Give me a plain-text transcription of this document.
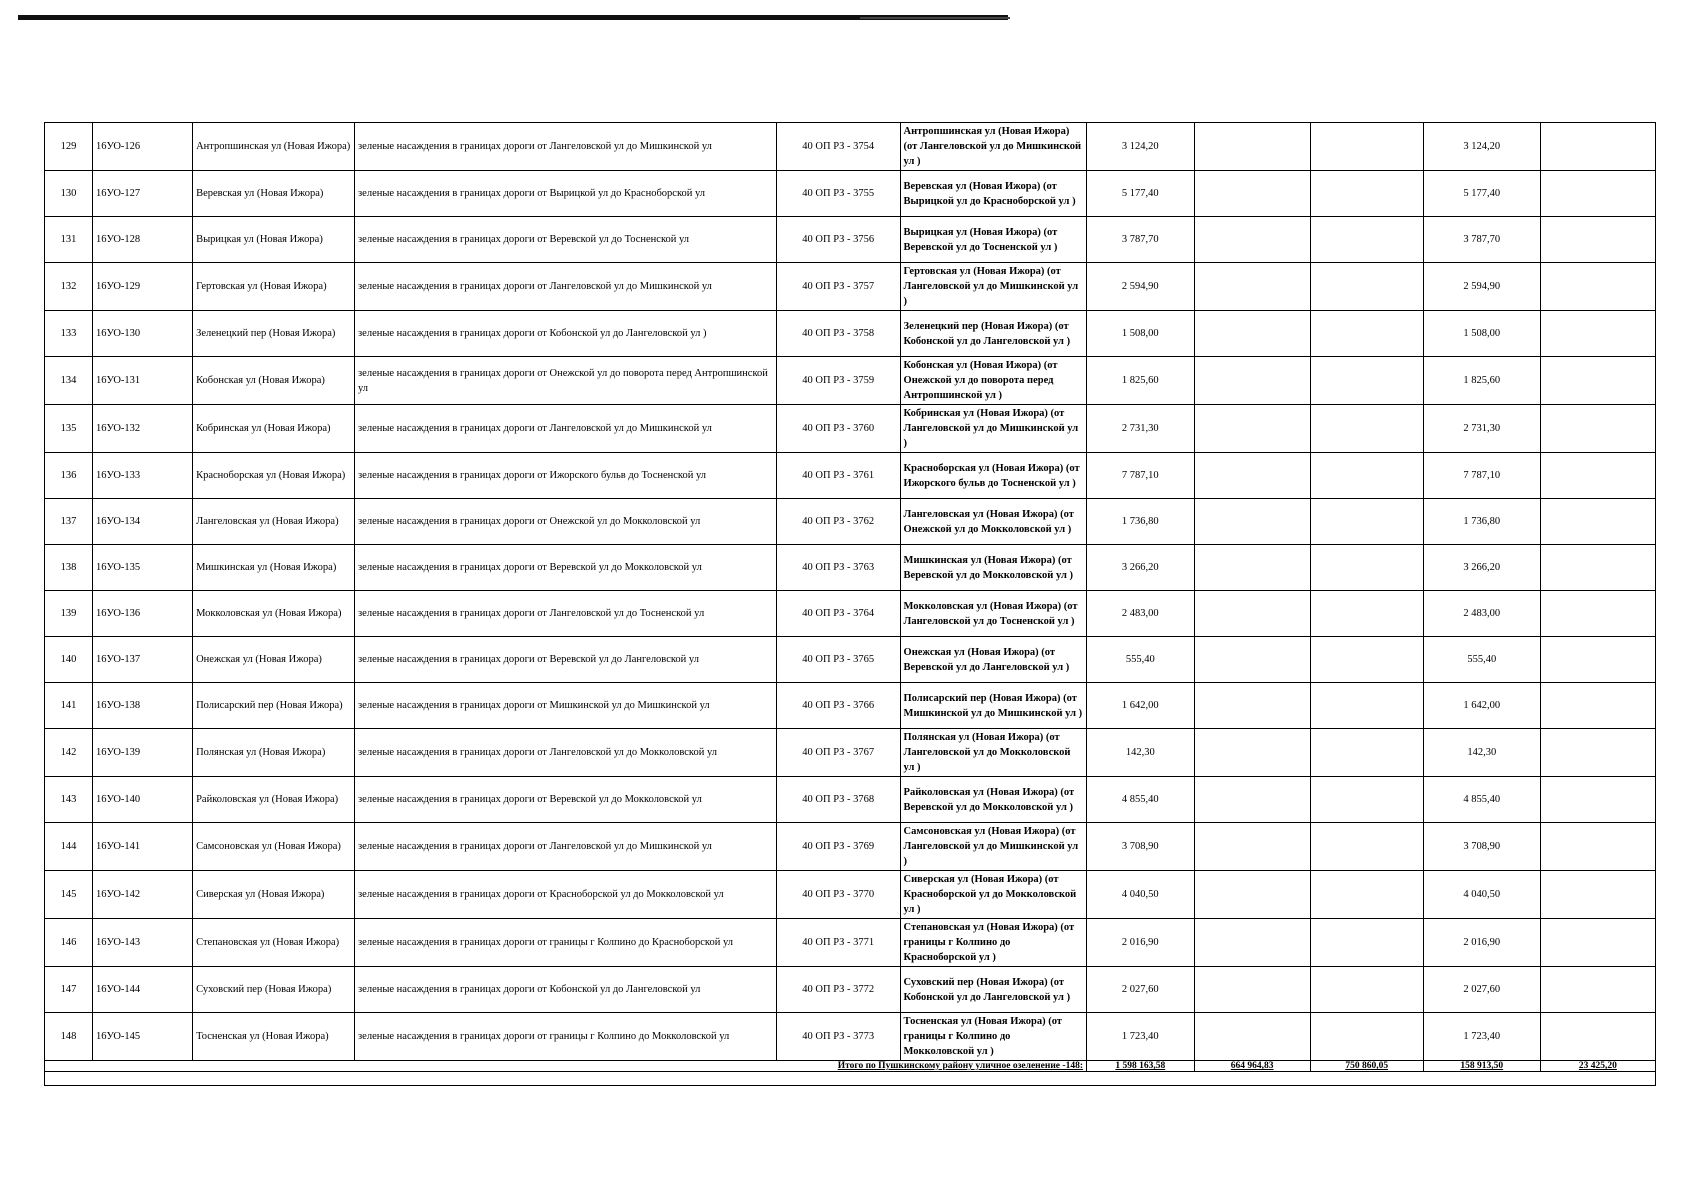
129	16УО-126	Антропшинская ул (Новая Ижора)	зеленые насаждения в границах дороги от Лангеловской ул до Мишкинской ул	40 ОП РЗ - 3754	Антропшинская ул (Новая Ижора) (от Лангеловской ул до Мишкинской ул )	3 124,20			3 124,20	
130	16УО-127	Веревская ул (Новая Ижора)	зеленые насаждения в границах дороги от Вырицкой ул до Красноборской ул	40 ОП РЗ - 3755	Веревская ул (Новая Ижора) (от Вырицкой ул до Красноборской ул )	5 177,40			5 177,40	
131	16УО-128	Вырицкая ул (Новая Ижора)	зеленые насаждения в границах дороги от Веревской ул до Тосненской ул	40 ОП РЗ - 3756	Вырицкая ул (Новая Ижора) (от Веревской ул до Тосненской ул )	3 787,70			3 787,70	
132	16УО-129	Гертовская ул (Новая Ижора)	зеленые насаждения в границах дороги от Лангеловской ул до Мишкинской ул	40 ОП РЗ - 3757	Гертовская ул (Новая Ижора) (от Лангеловской ул до Мишкинской ул )	2 594,90			2 594,90	
133	16УО-130	Зеленецкий пер (Новая Ижора)	зеленые насаждения в границах дороги от Кобонской ул до Лангеловской ул )	40 ОП РЗ - 3758	Зеленецкий пер (Новая Ижора) (от Кобонской ул до Лангеловской ул )	1 508,00			1 508,00	
134	16УО-131	Кобонская ул (Новая Ижора)	зеленые насаждения в границах дороги от Онежской ул до поворота перед Антропшинской ул	40 ОП РЗ - 3759	Кобонская ул (Новая Ижора) (от Онежской ул до поворота перед Антропшинской ул )	1 825,60			1 825,60	
135	16УО-132	Кобринская ул (Новая Ижора)	зеленые насаждения в границах дороги от Лангеловской ул до Мишкинской ул	40 ОП РЗ - 3760	Кобринская ул (Новая Ижора) (от Лангеловской ул до Мишкинской ул )	2 731,30			2 731,30	
136	16УО-133	Красноборская ул (Новая Ижора)	зеленые насаждения в границах дороги от Ижорского бульв до Тосненской ул	40 ОП РЗ - 3761	Красноборская ул (Новая Ижора) (от Ижорского бульв до Тосненской ул )	7 787,10			7 787,10	
137	16УО-134	Лангеловская ул (Новая Ижора)	зеленые насаждения в границах дороги от Онежской ул до Мокколовской ул	40 ОП РЗ - 3762	Лангеловская ул (Новая Ижора) (от Онежской ул до Мокколовской ул )	1 736,80			1 736,80	
138	16УО-135	Мишкинская ул (Новая Ижора)	зеленые насаждения в границах дороги от Веревской ул до Мокколовской ул	40 ОП РЗ - 3763	Мишкинская ул (Новая Ижора) (от Веревской ул до Мокколовской ул )	3 266,20			3 266,20	
139	16УО-136	Мокколовская ул (Новая Ижора)	зеленые насаждения в границах дороги от Лангеловской ул до Тосненской ул	40 ОП РЗ - 3764	Мокколовская ул (Новая Ижора) (от Лангеловской ул до Тосненской ул )	2 483,00			2 483,00	
140	16УО-137	Онежская ул (Новая Ижора)	зеленые насаждения в границах дороги от Веревской ул до Лангеловской ул	40 ОП РЗ - 3765	Онежская ул (Новая Ижора) (от Веревской ул до Лангеловской ул )	555,40			555,40	
141	16УО-138	Полисарский пер (Новая Ижора)	зеленые насаждения в границах дороги от Мишкинской ул до Мишкинской ул	40 ОП РЗ - 3766	Полисарский пер (Новая Ижора) (от Мишкинской ул до Мишкинской ул )	1 642,00			1 642,00	
142	16УО-139	Полянская ул (Новая Ижора)	зеленые насаждения в границах дороги от Лангеловской ул до Мокколовской ул	40 ОП РЗ - 3767	Полянская ул (Новая Ижора) (от Лангеловской ул до Мокколовской ул )	142,30			142,30	
143	16УО-140	Райколовская ул (Новая Ижора)	зеленые насаждения в границах дороги от Веревской ул до Мокколовской ул	40 ОП РЗ - 3768	Райколовская ул (Новая Ижора) (от Веревской ул до Мокколовской ул )	4 855,40			4 855,40	
144	16УО-141	Самсоновская ул (Новая Ижора)	зеленые насаждения в границах дороги от Лангеловской ул до Мишкинской ул	40 ОП РЗ - 3769	Самсоновская ул (Новая Ижора) (от Лангеловской ул до Мишкинской ул )	3 708,90			3 708,90	
145	16УО-142	Сиверская ул (Новая Ижора)	зеленые насаждения в границах дороги от Красноборской ул до Мокколовской ул	40 ОП РЗ - 3770	Сиверская ул (Новая Ижора) (от Красноборской ул до Мокколовской ул )	4 040,50			4 040,50	
146	16УО-143	Степановская ул (Новая Ижора)	зеленые насаждения в границах дороги от границы г Колпино до Красноборской ул	40 ОП РЗ - 3771	Степановская ул (Новая Ижора) (от границы г Колпино до Красноборской ул )	2 016,90			2 016,90	
147	16УО-144	Суховский пер (Новая Ижора)	зеленые насаждения в границах дороги от Кобонской ул до Лангеловской ул	40 ОП РЗ - 3772	Суховский пер (Новая Ижора) (от Кобонской ул до Лангеловской ул )	2 027,60			2 027,60	
148	16УО-145	Тосненская ул (Новая Ижора)	зеленые насаждения в границах дороги от границы г Колпино до Мокколовской ул	40 ОП РЗ - 3773	Тосненская ул (Новая Ижора) (от границы г Колпино до Мокколовской ул )	1 723,40			1 723,40	
Итого по Пушкинскому району уличное озеленение -148:						1 598 163,58	664 964,83	750 860,05	158 913,50	23 425,20
